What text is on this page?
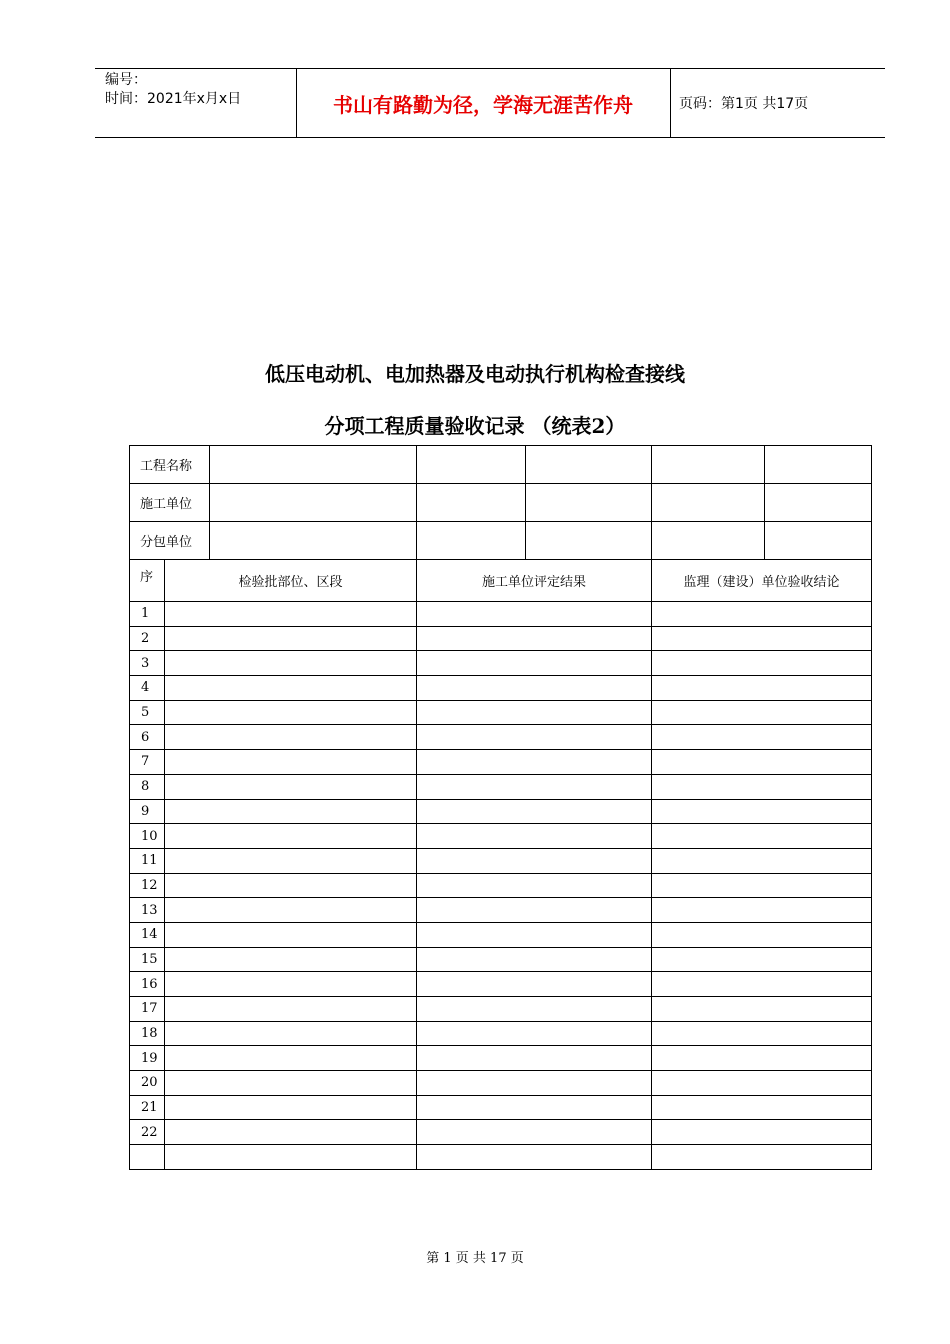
编号：
时间：2021年x月x日	书山有路勤为径，学海无涯苦作舟	页码：第1页 共17页
低压电动机、电加热器及电动执行机构检查接线
分项工程质量验收记录 （统表2）
工程名称						
施工单位						
分包单位						

序	检验批部位、区段		施工单位评定结果		监理（建设）单位验收结论	
1						
2						
3						
4						
5						
6						
7						
8						
9						
10						
11						
12						
13						
14						
15						
16						
17						
18						
19						
20						
21						
22						

第 1 页 共 17 页
